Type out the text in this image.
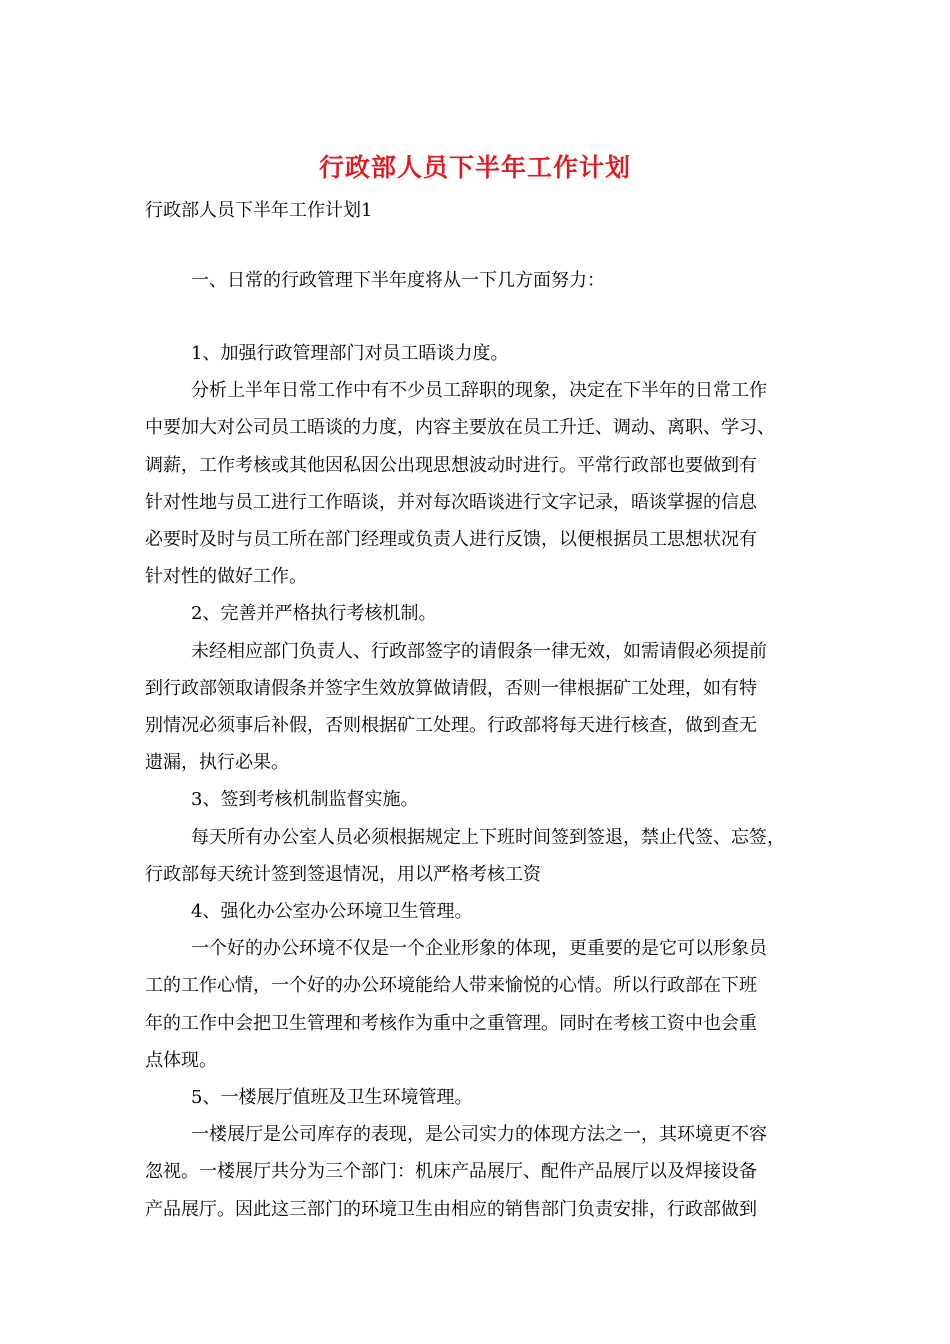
行政部人员下半年工作计划
行政部人员下半年工作计划1
一、日常的行政管理下半年度将从一下几方面努力：
1、加强行政管理部门对员工晤谈力度。
分析上半年日常工作中有不少员工辞职的现象，决定在下半年的日常工作
中要加大对公司员工晤谈的力度，内容主要放在员工升迁、调动、离职、学习、
调薪，工作考核或其他因私因公出现思想波动时进行。平常行政部也要做到有
针对性地与员工进行工作晤谈，并对每次晤谈进行文字记录，晤谈掌握的信息
必要时及时与员工所在部门经理或负责人进行反馈，以便根据员工思想状况有
针对性的做好工作。
2、完善并严格执行考核机制。
未经相应部门负责人、行政部签字的请假条一律无效，如需请假必须提前
到行政部领取请假条并签字生效放算做请假，否则一律根据矿工处理，如有特
别情况必须事后补假，否则根据矿工处理。行政部将每天进行核查，做到查无
遗漏，执行必果。
3、签到考核机制监督实施。
每天所有办公室人员必须根据规定上下班时间签到签退，禁止代签、忘签，
行政部每天统计签到签退情况，用以严格考核工资
4、强化办公室办公环境卫生管理。
一个好的办公环境不仅是一个企业形象的体现，更重要的是它可以形象员
工的工作心情，一个好的办公环境能给人带来愉悦的心情。所以行政部在下班
年的工作中会把卫生管理和考核作为重中之重管理。同时在考核工资中也会重
点体现。
5、一楼展厅值班及卫生环境管理。
一楼展厅是公司库存的表现，是公司实力的体现方法之一，其环境更不容
忽视。一楼展厅共分为三个部门：机床产品展厅、配件产品展厅以及焊接设备
产品展厅。因此这三部门的环境卫生由相应的销售部门负责安排，行政部做到
